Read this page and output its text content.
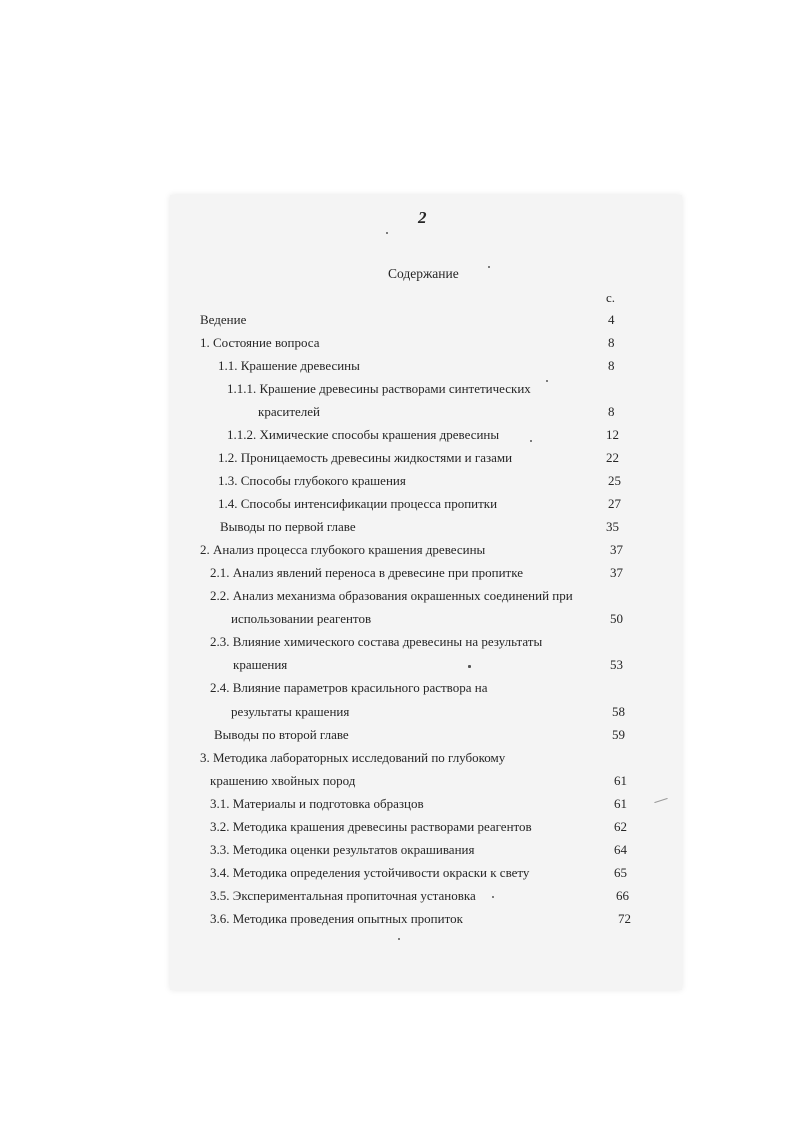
2
Содержание
с.
Ведение	4
1. Состояние вопроса	8
1.1. Крашение древесины	8
1.1.1. Крашение древесины растворами синтетических
красителей	8
1.1.2. Химические способы крашения древесины	12
1.2. Проницаемость древесины жидкостями и газами	22
1.3. Способы глубокого крашения	25
1.4. Способы интенсификации процесса пропитки	27
Выводы по первой главе	35
2. Анализ процесса глубокого крашения древесины	37
2.1. Анализ явлений переноса в древесине при пропитке	37
2.2. Анализ механизма образования окрашенных соединений при
использовании реагентов	50
2.3. Влияние химического состава древесины на результаты
крашения	53
2.4. Влияние параметров красильного раствора на
результаты крашения	58
Выводы по второй главе	59
3. Методика лабораторных исследований по глубокому
крашению хвойных пород	61
3.1. Материалы и подготовка образцов	61
3.2. Методика крашения древесины растворами реагентов	62
3.3. Методика оценки результатов окрашивания	64
3.4. Методика определения устойчивости окраски к свету	65
3.5. Экспериментальная пропиточная установка	66
3.6. Методика проведения опытных пропиток	72
